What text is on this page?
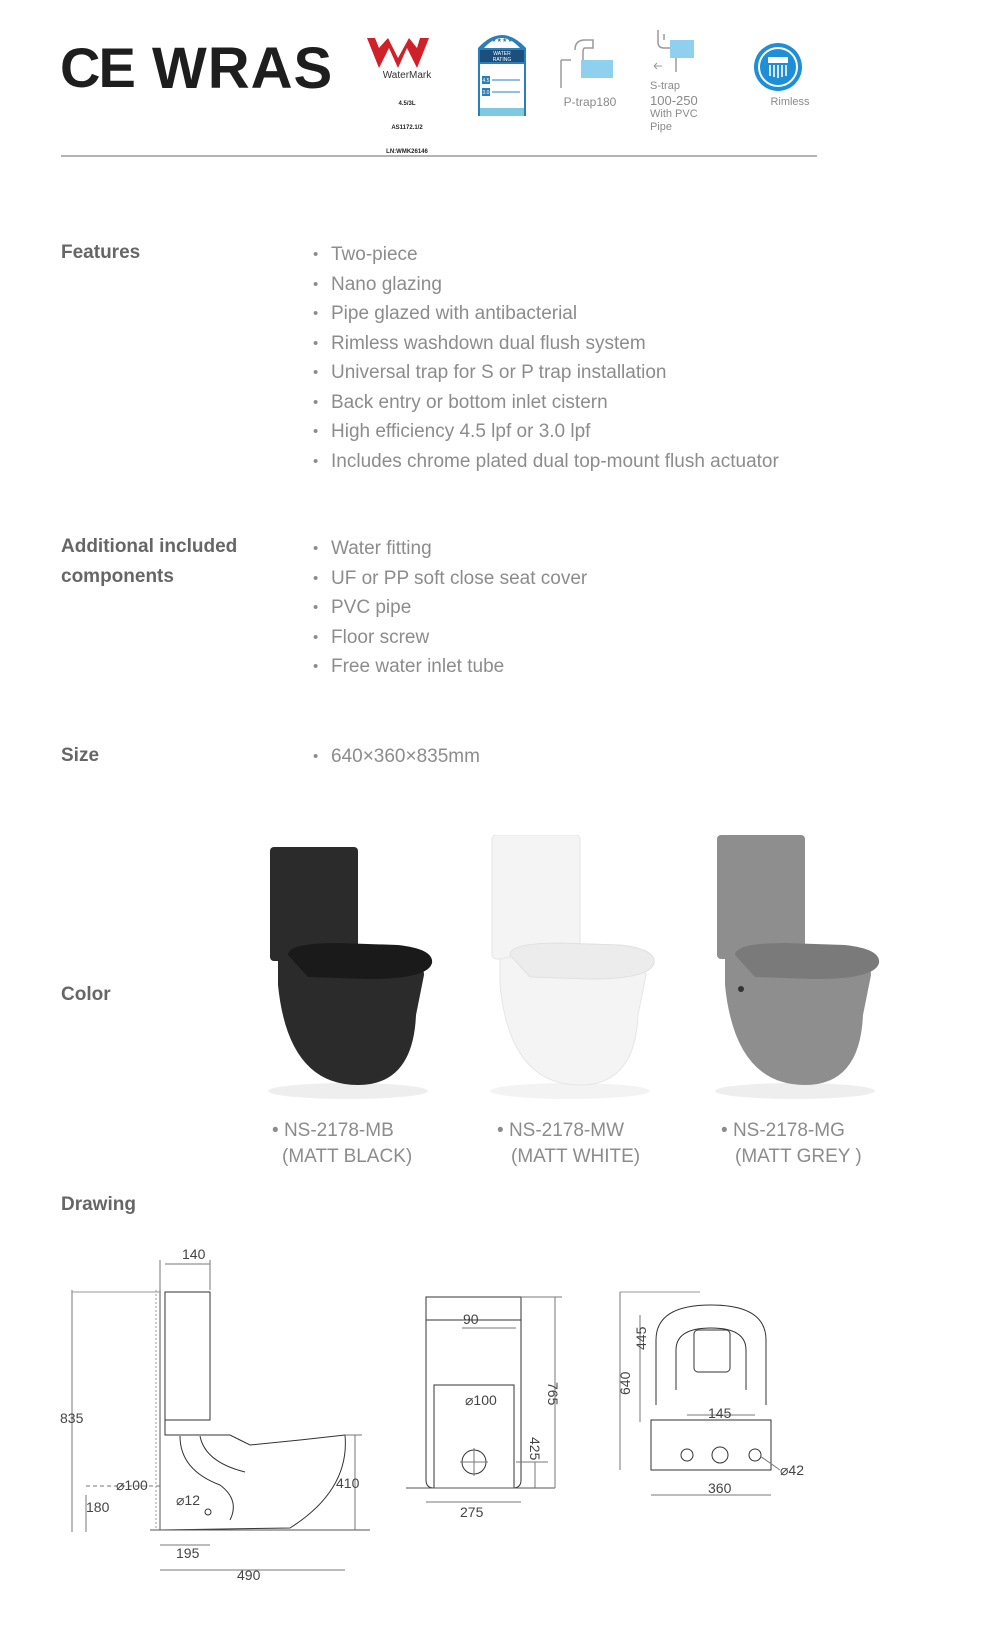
CE WRAS	WaterMark

4.5/3L

AS1172.1/2

LN:WMK26146

★★★★
WATER
RATING
4.5
3.0
P-trap180
S-trap
100-250
With PVC Pipe
Rimless
Features	• Two-piece
• Nano glazing
• Pipe glazed with antibacterial
• Rimless washdown dual flush system
• Universal trap for S or P trap installation
• Back entry or bottom inlet cistern
• High efficiency 4.5 lpf or 3.0 lpf
• Includes chrome plated dual top-mount flush actuator
Additional included
components
• Water fitting
• UF or PP soft close seat cover
• PVC pipe
• Floor screw
• Free water inlet tube
Size	• 640×360×835mm
Color
• NS-2178-MB
(MATT BLACK)
• NS-2178-MW
(MATT WHITE)
• NS-2178-MG
(MATT GREY )
Drawing
140
835
⌀100
180	⌀12
410
195
490
90
⌀100	765
425
275
640
445
145
⌀42
360
